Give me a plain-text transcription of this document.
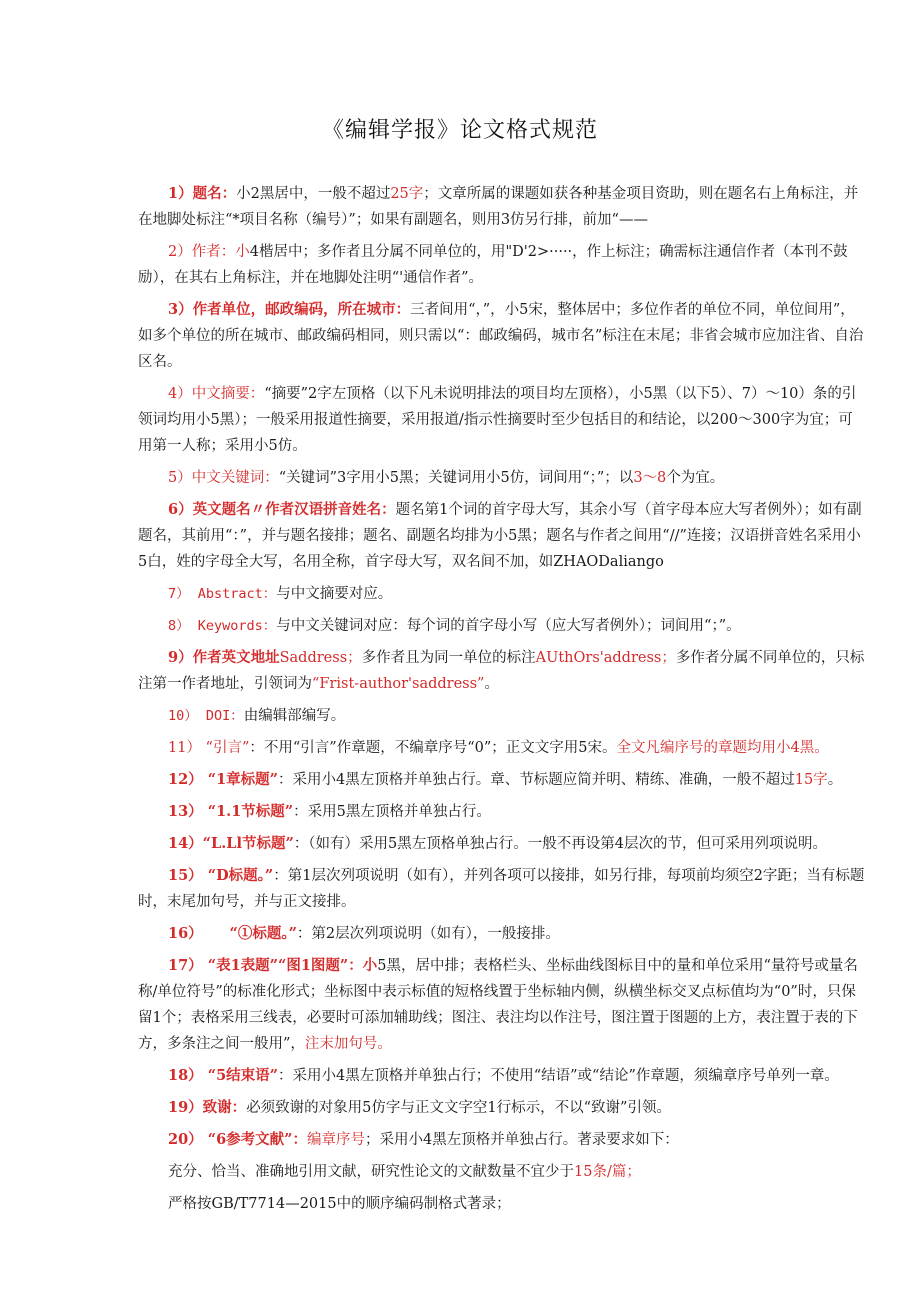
《编辑学报》论文格式规范

1）题名：小2黑居中，一般不超过25字；文章所属的课题如获各种基金项目资助，则在题名右上角标注，并在地脚处标注“*项目名称（编号）”；如果有副题名，则用3仿另行排，前加“——

2）作者：小4楷居中；多作者且分属不同单位的，用"D'2>·····，作上标注；确需标注通信作者（本刊不鼓励），在其右上角标注，并在地脚处注明“'通信作者”。

3）作者单位，邮政编码，所在城市：三者间用“，”，小5宋，整体居中；多位作者的单位不同，单位间用”，如多个单位的所在城市、邮政编码相同，则只需以“：邮政编码，城市名”标注在末尾；非省会城市应加注省、自治区名。

4）中文摘要：“摘要”2字左顶格（以下凡未说明排法的项目均左顶格），小5黑（以下5）、7）～10）条的引领词均用小5黑）；一般采用报道性摘要，采用报道/指示性摘要时至少包括目的和结论，以200～300字为宜；可用第一人称；采用小5仿。

5）中文关键词：“关键词”3字用小5黑；关键词用小5仿，词间用“；”；以3～8个为宜。

6）英文题名〃作者汉语拼音姓名：题名第1个词的首字母大写，其余小写（首字母本应大写者例外）；如有副题名，其前用“：”，并与题名接排；题名、副题名均排为小5黑；题名与作者之间用“//”连接；汉语拼音姓名采用小5白，姓的字母全大写，名用全称，首字母大写，双名间不加，如ZHAODaliango

7） Abstract：与中文摘要对应。

8） Keywords：与中文关键词对应：每个词的首字母小写（应大写者例外）；词间用“；”。

9）作者英文地址Saddress；多作者且为同一单位的标注AUthOrs'address；多作者分属不同单位的，只标注第一作者地址，引领词为“Frist-author'saddress”。

10） DOI：由编辑部编写。

11） “引言”：不用“引言”作章题，不编章序号“0”；正文文字用5宋。全文凡编序号的章题均用小4黑。

12） “1章标题”：采用小4黑左顶格并单独占行。章、节标题应简并明、精练、准确，一般不超过15字。

13） “1.1节标题”：采用5黑左顶格并单独占行。

14）“L.Ll节标题”：（如有）采用5黑左顶格单独占行。一般不再设第4层次的节，但可采用列项说明。

15） “D标题。”：第1层次列项说明（如有），并列各项可以接排，如另行排，每项前均须空2字距；当有标题时，末尾加句号，并与正文接排。

16）　　 “①标题。”：第2层次列项说明（如有），一般接排。

17） “表1表题”“图1图题”：小5黑，居中排；表格栏头、坐标曲线图标目中的量和单位采用“量符号或量名称/单位符号”的标准化形式；坐标图中表示标值的短格线置于坐标轴内侧，纵横坐标交叉点标值均为“0”时，只保留1个；表格采用三线表，必要时可添加辅助线；图注、表注均以作注号，图注置于图题的上方，表注置于表的下方，多条注之间一般用”，注末加句号。

18） “5结束语”：采用小4黑左顶格并单独占行；不使用“结语”或“结论”作章题，须编章序号单列一章。

19）致谢：必须致谢的对象用5仿字与正文文字空1行标示，不以“致谢”引领。

20） “6参考文献”：编章序号；采用小4黑左顶格并单独占行。著录要求如下：

充分、恰当、准确地引用文献，研究性论文的文献数量不宜少于15条/篇；

严格按GB/T7714—2015中的顺序编码制格式著录；
